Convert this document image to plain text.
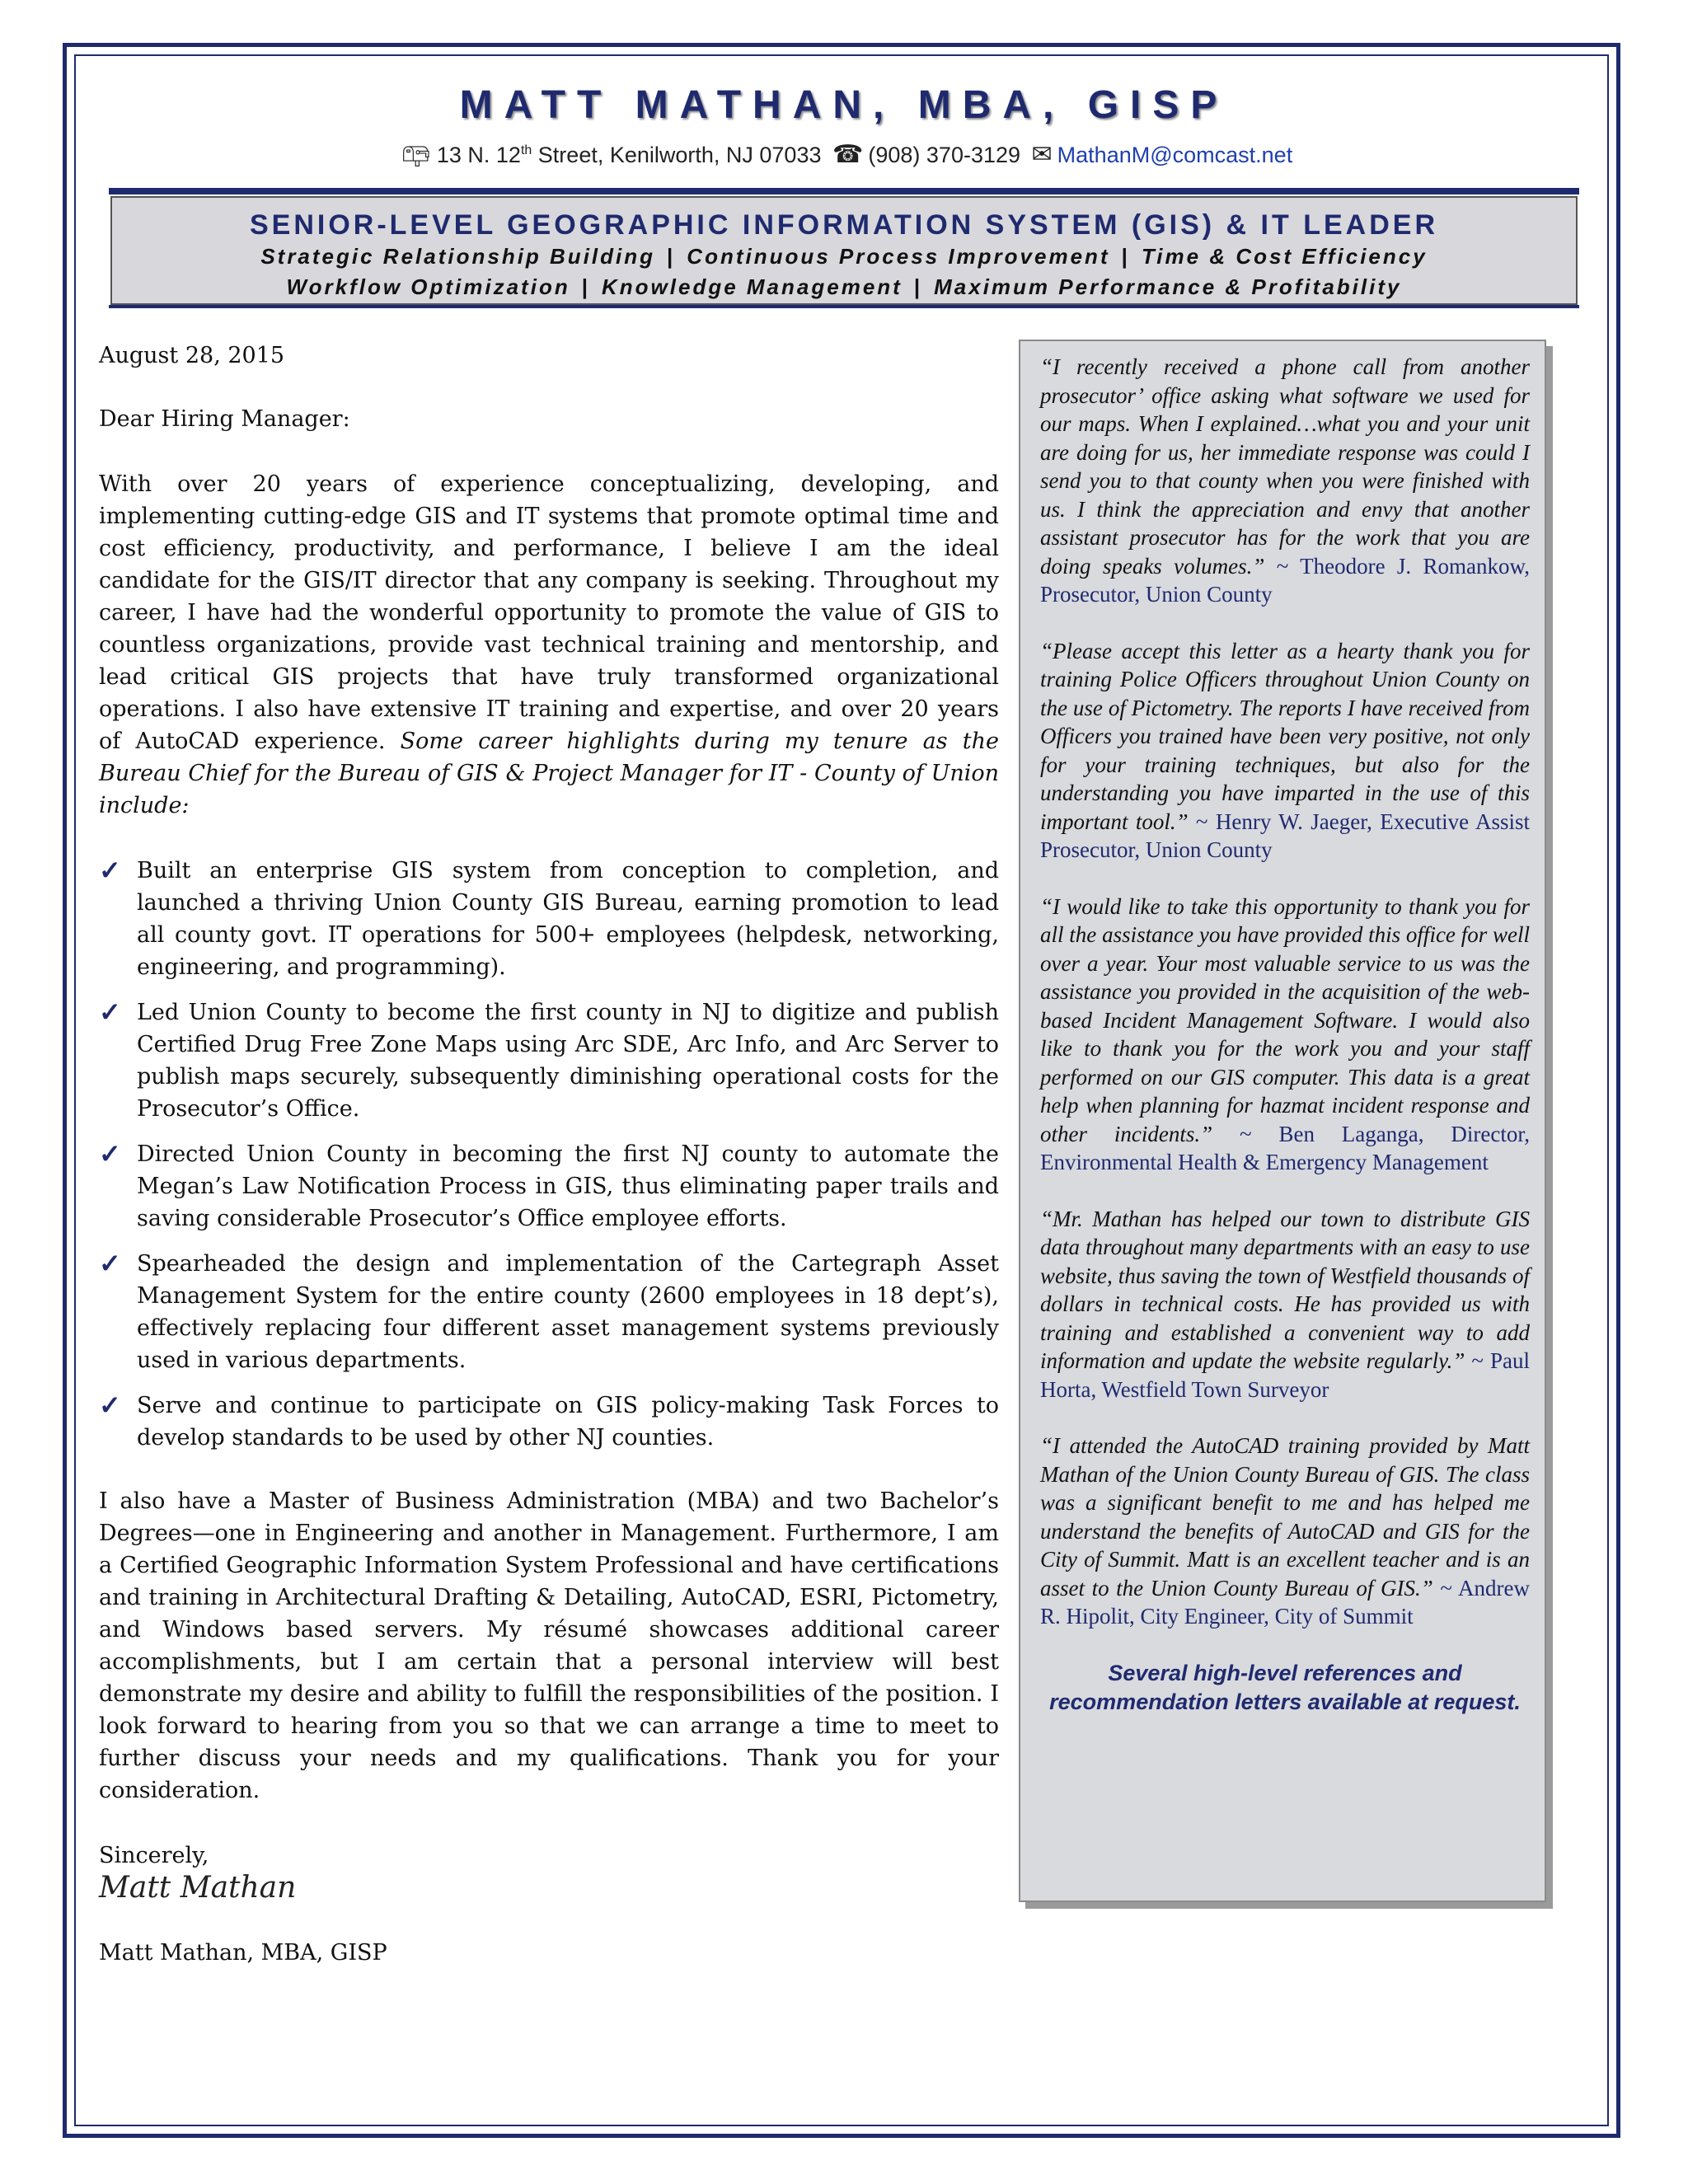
MATT MATHAN, MBA, GISP
📪︎ 13 N. 12th Street, Kenilworth, NJ 07033 ☎ (908) 370-3129 ✉ MathanM@comcast.net
SENIOR-LEVEL GEOGRAPHIC INFORMATION SYSTEM (GIS) & IT LEADER
Strategic Relationship Building | Continuous Process Improvement | Time & Cost Efficiency
Workflow Optimization | Knowledge Management | Maximum Performance & Profitability

August 28, 2015

Dear Hiring Manager:

With over 20 years of experience conceptualizing, developing, and implementing cutting-edge GIS and IT systems that promote optimal time and cost efficiency, productivity, and performance, I believe I am the ideal candidate for the GIS/IT director that any company is seeking. Throughout my career, I have had the wonderful opportunity to promote the value of GIS to countless organizations, provide vast technical training and mentorship, and lead critical GIS projects that have truly transformed organizational operations. I also have extensive IT training and expertise, and over 20 years of AutoCAD experience. Some career highlights during my tenure as the Bureau Chief for the Bureau of GIS & Project Manager for IT - County of Union include:

✓ Built an enterprise GIS system from conception to completion, and launched a thriving Union County GIS Bureau, earning promotion to lead all county govt. IT operations for 500+ employees (helpdesk, networking, engineering, and programming).
✓ Led Union County to become the first county in NJ to digitize and publish Certified Drug Free Zone Maps using Arc SDE, Arc Info, and Arc Server to publish maps securely, subsequently diminishing operational costs for the Prosecutor’s Office.
✓ Directed Union County in becoming the first NJ county to automate the Megan’s Law Notification Process in GIS, thus eliminating paper trails and saving considerable Prosecutor’s Office employee efforts.
✓ Spearheaded the design and implementation of the Cartegraph Asset Management System for the entire county (2600 employees in 18 dept’s), effectively replacing four different asset management systems previously used in various departments.
✓ Serve and continue to participate on GIS policy-making Task Forces to develop standards to be used by other NJ counties.

I also have a Master of Business Administration (MBA) and two Bachelor’s Degrees—one in Engineering and another in Management. Furthermore, I am a Certified Geographic Information System Professional and have certifications and training in Architectural Drafting & Detailing, AutoCAD, ESRI, Pictometry, and Windows based servers. My résumé showcases additional career accomplishments, but I am certain that a personal interview will best demonstrate my desire and ability to fulfill the responsibilities of the position. I look forward to hearing from you so that we can arrange a time to meet to further discuss your needs and my qualifications. Thank you for your consideration.

Sincerely,

Matt Mathan

Matt Mathan, MBA, GISP

“I recently received a phone call from another prosecutor’ office asking what software we used for our maps. When I explained…what you and your unit are doing for us, her immediate response was could I send you to that county when you were finished with us. I think the appreciation and envy that another assistant prosecutor has for the work that you are doing speaks volumes.” ~ Theodore J. Romankow, Prosecutor, Union County

“Please accept this letter as a hearty thank you for training Police Officers throughout Union County on the use of Pictometry. The reports I have received from Officers you trained have been very positive, not only for your training techniques, but also for the understanding you have imparted in the use of this important tool.” ~ Henry W. Jaeger, Executive Assist Prosecutor, Union County

“I would like to take this opportunity to thank you for all the assistance you have provided this office for well over a year. Your most valuable service to us was the assistance you provided in the acquisition of the web-based Incident Management Software. I would also like to thank you for the work you and your staff performed on our GIS computer. This data is a great help when planning for hazmat incident response and other incidents.” ~ Ben Laganga, Director, Environmental Health & Emergency Management

“Mr. Mathan has helped our town to distribute GIS data throughout many departments with an easy to use website, thus saving the town of Westfield thousands of dollars in technical costs. He has provided us with training and established a convenient way to add information and update the website regularly.” ~ Paul Horta, Westfield Town Surveyor

“I attended the AutoCAD training provided by Matt Mathan of the Union County Bureau of GIS. The class was a significant benefit to me and has helped me understand the benefits of AutoCAD and GIS for the City of Summit. Matt is an excellent teacher and is an asset to the Union County Bureau of GIS.” ~ Andrew R. Hipolit, City Engineer, City of Summit

Several high-level references and
recommendation letters available at request.
